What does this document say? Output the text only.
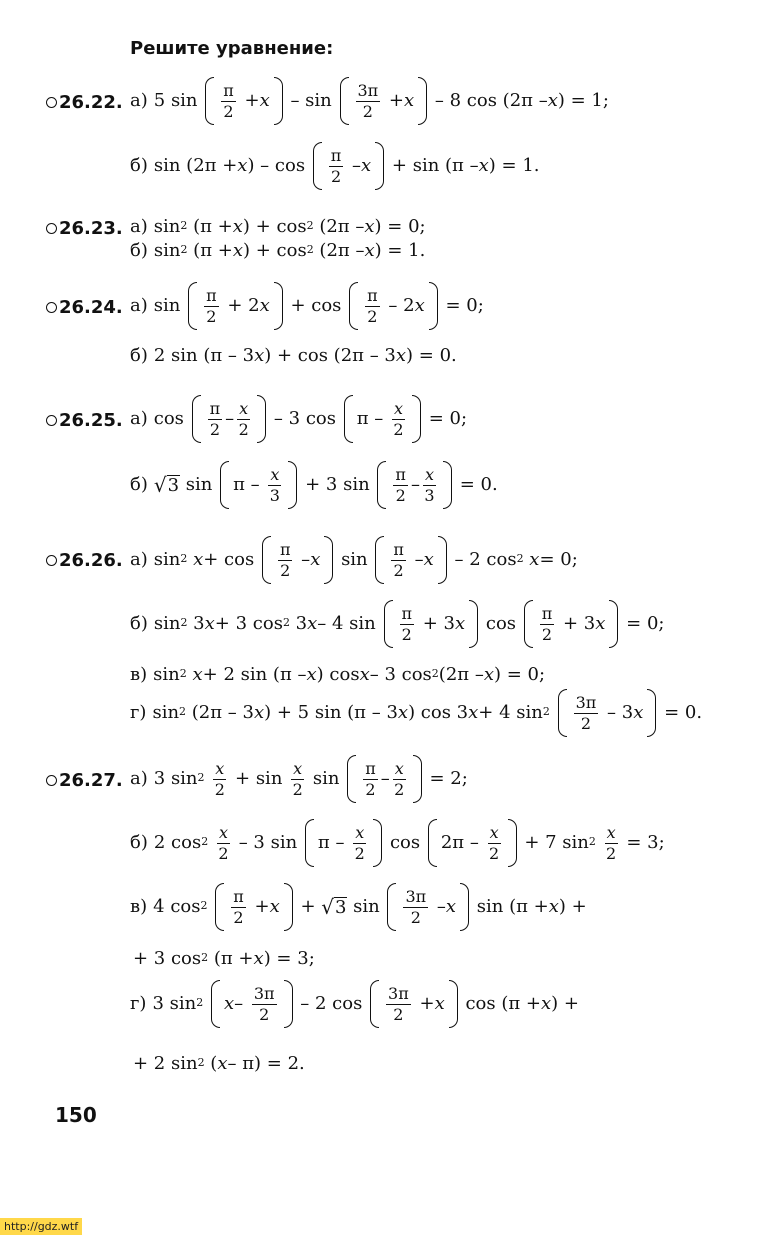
Решите уравнение:
26.22. а) 5 sin π
2 + x – sin 3π
2 + x – 8 cos (2π – x ) = 1;
б) sin (2π + x ) – cos π
2 – x + sin (π – x ) = 1.
26.23. а) $\sin^2 (\pi + x$ ) + $\cos^2 (2\pi$ – x ) = 0;
б) $\sin^2 (\pi + x$ ) + $\cos^2 (2\pi$ – x ) = 1.
26.24. а) sin π
2 + 2 x + cos π
2 – 2 x = 0;
б) 2 sin (π – 3 x ) + cos (2π – 3 x ) = 0.
26.25. а) cos π
2 – x
2 – 3 cos π – x
2 = 0;
б) √ 3 sin π – x
3 + 3 sin π
2 – x
3 = 0.
26.26. а) $\sin^2$
x + cos π
2 – x sin π
2 – x – 2 $\cos^2$
x = 0;
б) $\sin^2 3$ x + 3 $\cos^2 3$ x – 4 sin π
2 + 3 x cos π
2 + 3 x = 0;
в) $\sin^2$
x + 2 sin (π – x ) cos x – 3 $\cos^2 (2\pi$ – x ) = 0;
г) $\sin^2 (2\pi - 3$ x ) + 5 sin (π – 3 x ) cos 3 x + 4 $\sin^2$
3π
2 – 3 x = 0.
26.27. а) 3 $\sin^2$
x
2 + sin x
2 sin π
2 – x
2 = 2;
б) 2 $\cos^2$
x
2 – 3 sin π – x
2 cos 2π – x
2 + 7 $\sin^2$
x
2 = 3;
в) 4 $\cos^2$
π
2 + x + √ 3 sin 3π
2 – x sin (π + x ) +
+ 3 $\cos^2 (\pi + x$ ) = 3;
г) 3 $\sin^2$
x – 3π
2 – 2 cos 3π
2 + x cos (π + x ) +
+ 2 $\sin^2$ ( x – π) = 2.
150
http://gdz.wtf
